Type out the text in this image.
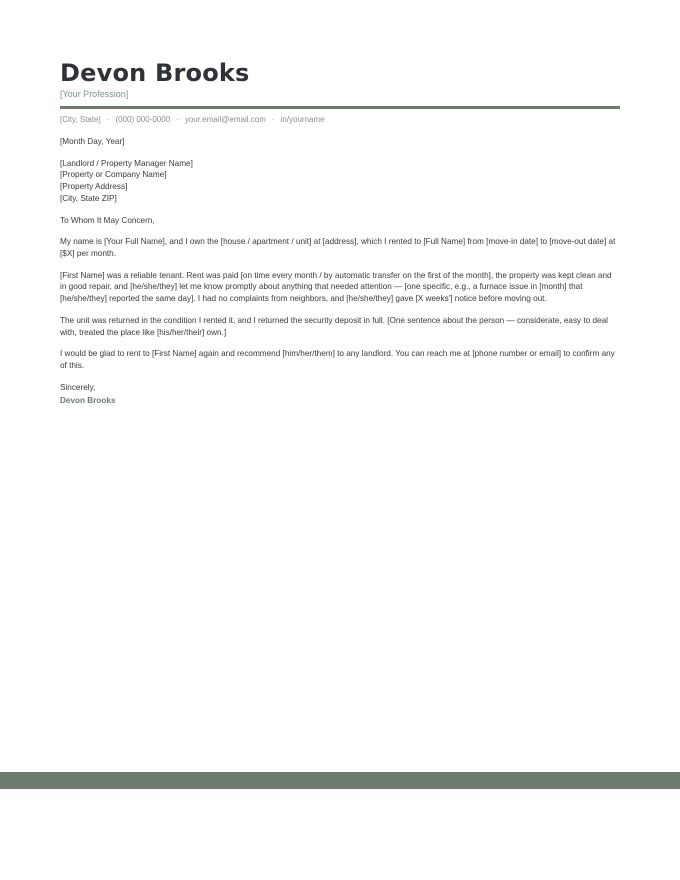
Devon Brooks
[Your Profession]
[City, State] · (000) 000-0000 · your.email@email.com · in/yourname

[Month Day, Year]

[Landlord / Property Manager Name]
[Property or Company Name]
[Property Address]
[City, State ZIP]

To Whom It May Concern,

My name is [Your Full Name], and I own the [house / apartment / unit] at [address], which I rented to [Full Name] from [move-in date] to [move-out date] at [$X] per month.

[First Name] was a reliable tenant. Rent was paid [on time every month / by automatic transfer on the first of the month], the property was kept clean and in good repair, and [he/she/they] let me know promptly about anything that needed attention — [one specific, e.g., a furnace issue in [month] that [he/she/they] reported the same day]. I had no complaints from neighbors, and [he/she/they] gave [X weeks'] notice before moving out.

The unit was returned in the condition I rented it, and I returned the security deposit in full. [One sentence about the person — considerate, easy to deal with, treated the place like [his/her/their] own.]

I would be glad to rent to [First Name] again and recommend [him/her/them] to any landlord. You can reach me at [phone number or email] to confirm any of this.

Sincerely,

Devon Brooks
